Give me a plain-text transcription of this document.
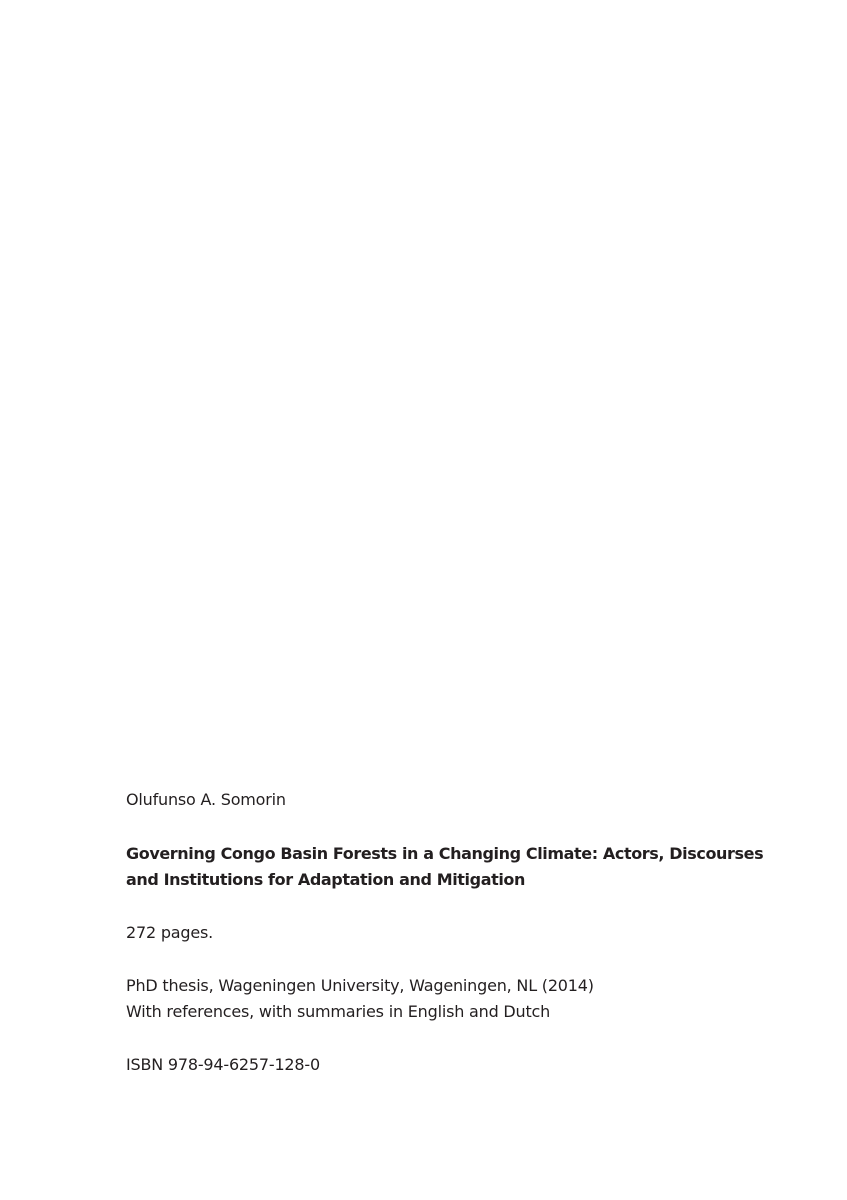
Olufunso A. Somorin
Governing Congo Basin Forests in a Changing Climate: Actors, Discourses
and Institutions for Adaptation and Mitigation
272 pages.
PhD thesis, Wageningen University, Wageningen, NL (2014)
With references, with summaries in English and Dutch
ISBN 978-94-6257-128-0
